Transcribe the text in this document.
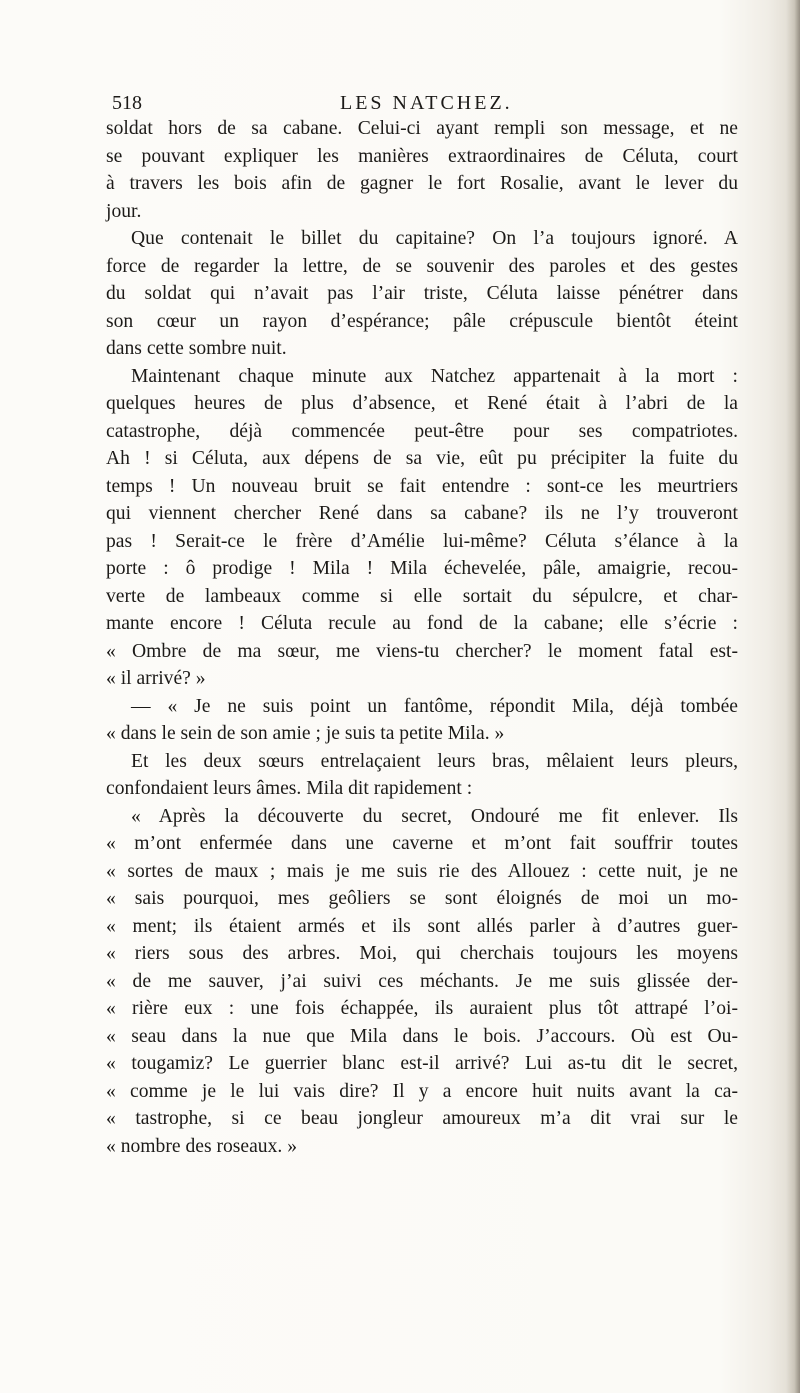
518	LES NATCHEZ.
soldat hors de sa cabane. Celui-ci ayant rempli son message, et ne
se pouvant expliquer les manières extraordinaires de Céluta, court
à travers les bois afin de gagner le fort Rosalie, avant le lever du
jour.
Que contenait le billet du capitaine? On l’a toujours ignoré. A
force de regarder la lettre, de se souvenir des paroles et des gestes
du soldat qui n’avait pas l’air triste, Céluta laisse pénétrer dans
son cœur un rayon d’espérance; pâle crépuscule bientôt éteint
dans cette sombre nuit.
Maintenant chaque minute aux Natchez appartenait à la mort :
quelques heures de plus d’absence, et René était à l’abri de la
catastrophe, déjà commencée peut-être pour ses compatriotes.
Ah ! si Céluta, aux dépens de sa vie, eût pu précipiter la fuite du
temps ! Un nouveau bruit se fait entendre : sont-ce les meurtriers
qui viennent chercher René dans sa cabane? ils ne l’y trouveront
pas ! Serait-ce le frère d’Amélie lui-même? Céluta s’élance à la
porte : ô prodige ! Mila ! Mila échevelée, pâle, amaigrie, recou-
verte de lambeaux comme si elle sortait du sépulcre, et char-
mante encore ! Céluta recule au fond de la cabane; elle s’écrie :
« Ombre de ma sœur, me viens-tu chercher? le moment fatal est-
« il arrivé? »
— « Je ne suis point un fantôme, répondit Mila, déjà tombée
« dans le sein de son amie ; je suis ta petite Mila. »
Et les deux sœurs entrelaçaient leurs bras, mêlaient leurs pleurs,
confondaient leurs âmes. Mila dit rapidement :
« Après la découverte du secret, Ondouré me fit enlever. Ils
« m’ont enfermée dans une caverne et m’ont fait souffrir toutes
« sortes de maux ; mais je me suis rie des Allouez : cette nuit, je ne
« sais pourquoi, mes geôliers se sont éloignés de moi un mo-
« ment; ils étaient armés et ils sont allés parler à d’autres guer-
« riers sous des arbres. Moi, qui cherchais toujours les moyens
« de me sauver, j’ai suivi ces méchants. Je me suis glissée der-
« rière eux : une fois échappée, ils auraient plus tôt attrapé l’oi-
« seau dans la nue que Mila dans le bois. J’accours. Où est Ou-
« tougamiz? Le guerrier blanc est-il arrivé? Lui as-tu dit le secret,
« comme je le lui vais dire? Il y a encore huit nuits avant la ca-
« tastrophe, si ce beau jongleur amoureux m’a dit vrai sur le
« nombre des roseaux. »
